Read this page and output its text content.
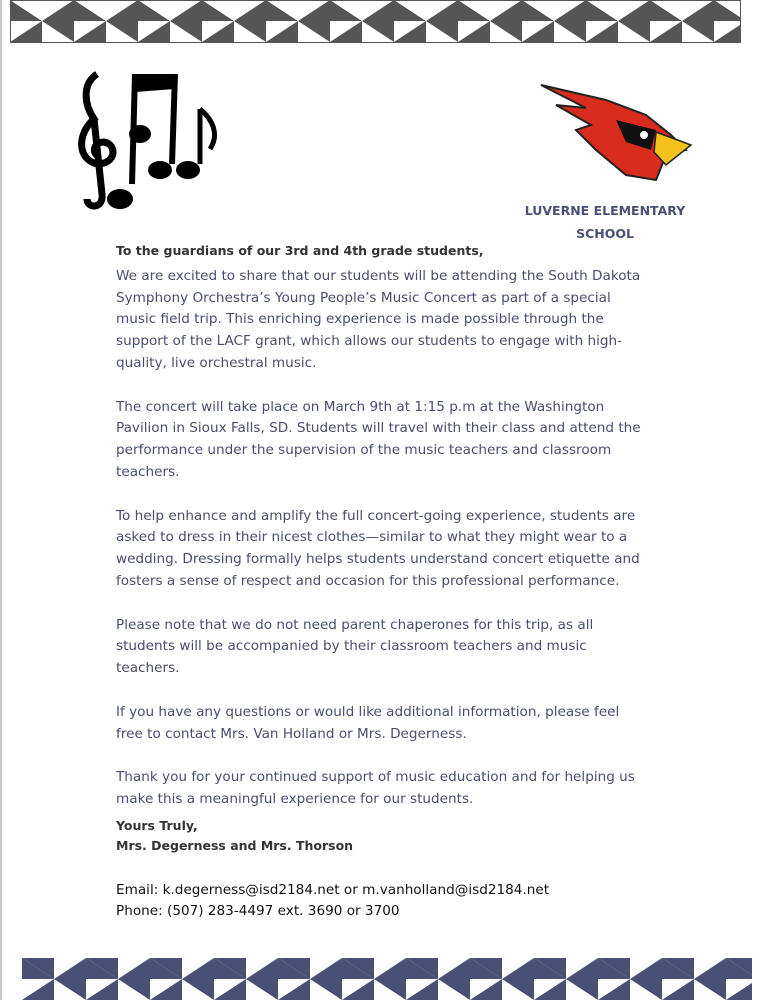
LUVERNE ELEMENTARY
SCHOOL
To the guardians of our 3rd and 4th grade students,

We are excited to share that our students will be attending the South Dakota Symphony Orchestra’s Young People’s Music Concert as part of a special music field trip. This enriching experience is made possible through the support of the LACF grant, which allows our students to engage with high-quality, live orchestral music.

The concert will take place on March 9th at 1:15 p.m at the Washington Pavilion in Sioux Falls, SD. Students will travel with their class and attend the performance under the supervision of the music teachers and classroom teachers.

To help enhance and amplify the full concert-going experience, students are asked to dress in their nicest clothes—similar to what they might wear to a wedding. Dressing formally helps students understand concert etiquette and fosters a sense of respect and occasion for this professional performance.

Please note that we do not need parent chaperones for this trip, as all students will be accompanied by their classroom teachers and music teachers.

If you have any questions or would like additional information, please feel free to contact Mrs. Van Holland or Mrs. Degerness.

Thank you for your continued support of music education and for helping us make this a meaningful experience for our students.

Yours Truly,
Mrs. Degerness and Mrs. Thorson
Email: k.degerness@isd2184.net or m.vanholland@isd2184.net
Phone: (507) 283-4497 ext. 3690 or 3700
